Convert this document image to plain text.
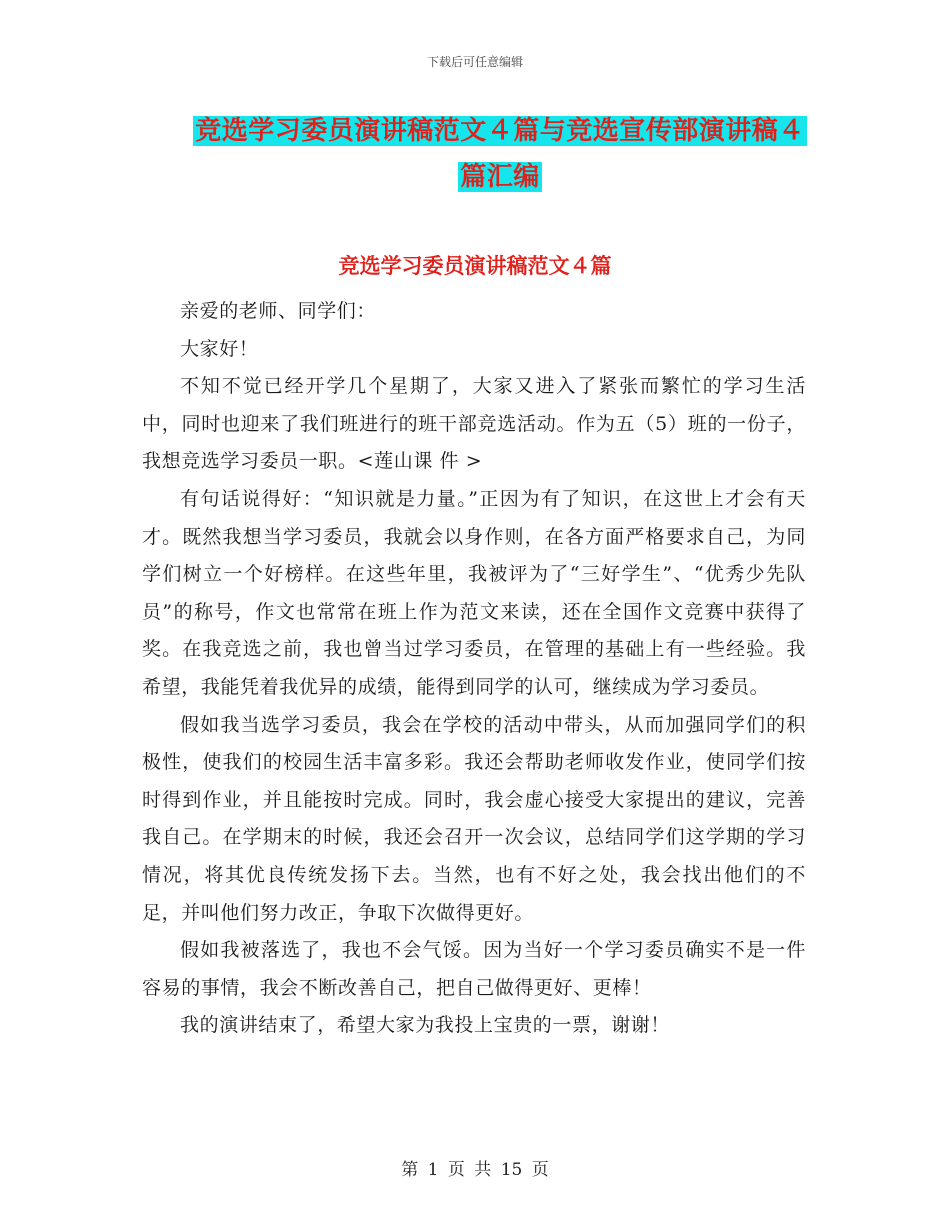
下载后可任意编辑
竞选学习委员演讲稿范文４篇与竞选宣传部演讲稿４
篇汇编
竞选学习委员演讲稿范文４篇

亲爱的老师、同学们：

大家好！

不知不觉已经开学几个星期了，大家又进入了紧张而繁忙的学习生活中，同时也迎来了我们班进行的班干部竞选活动。作为五（5）班的一份子，我想竞选学习委员一职。<莲山课 件 >

有句话说得好：“知识就是力量。”正因为有了知识，在这世上才会有天才。既然我想当学习委员，我就会以身作则，在各方面严格要求自己，为同学们树立一个好榜样。在这些年里，我被评为了“三好学生”、“优秀少先队员”的称号，作文也常常在班上作为范文来读，还在全国作文竞赛中获得了奖。在我竞选之前，我也曾当过学习委员，在管理的基础上有一些经验。我希望，我能凭着我优异的成绩，能得到同学的认可，继续成为学习委员。

假如我当选学习委员，我会在学校的活动中带头，从而加强同学们的积极性，使我们的校园生活丰富多彩。我还会帮助老师收发作业，使同学们按时得到作业，并且能按时完成。同时，我会虚心接受大家提出的建议，完善我自己。在学期末的时候，我还会召开一次会议，总结同学们这学期的学习情况，将其优良传统发扬下去。当然，也有不好之处，我会找出他们的不足，并叫他们努力改正，争取下次做得更好。

假如我被落选了，我也不会气馁。因为当好一个学习委员确实不是一件容易的事情，我会不断改善自己，把自己做得更好、更棒！

我的演讲结束了，希望大家为我投上宝贵的一票，谢谢！

第 1 页 共 15 页
